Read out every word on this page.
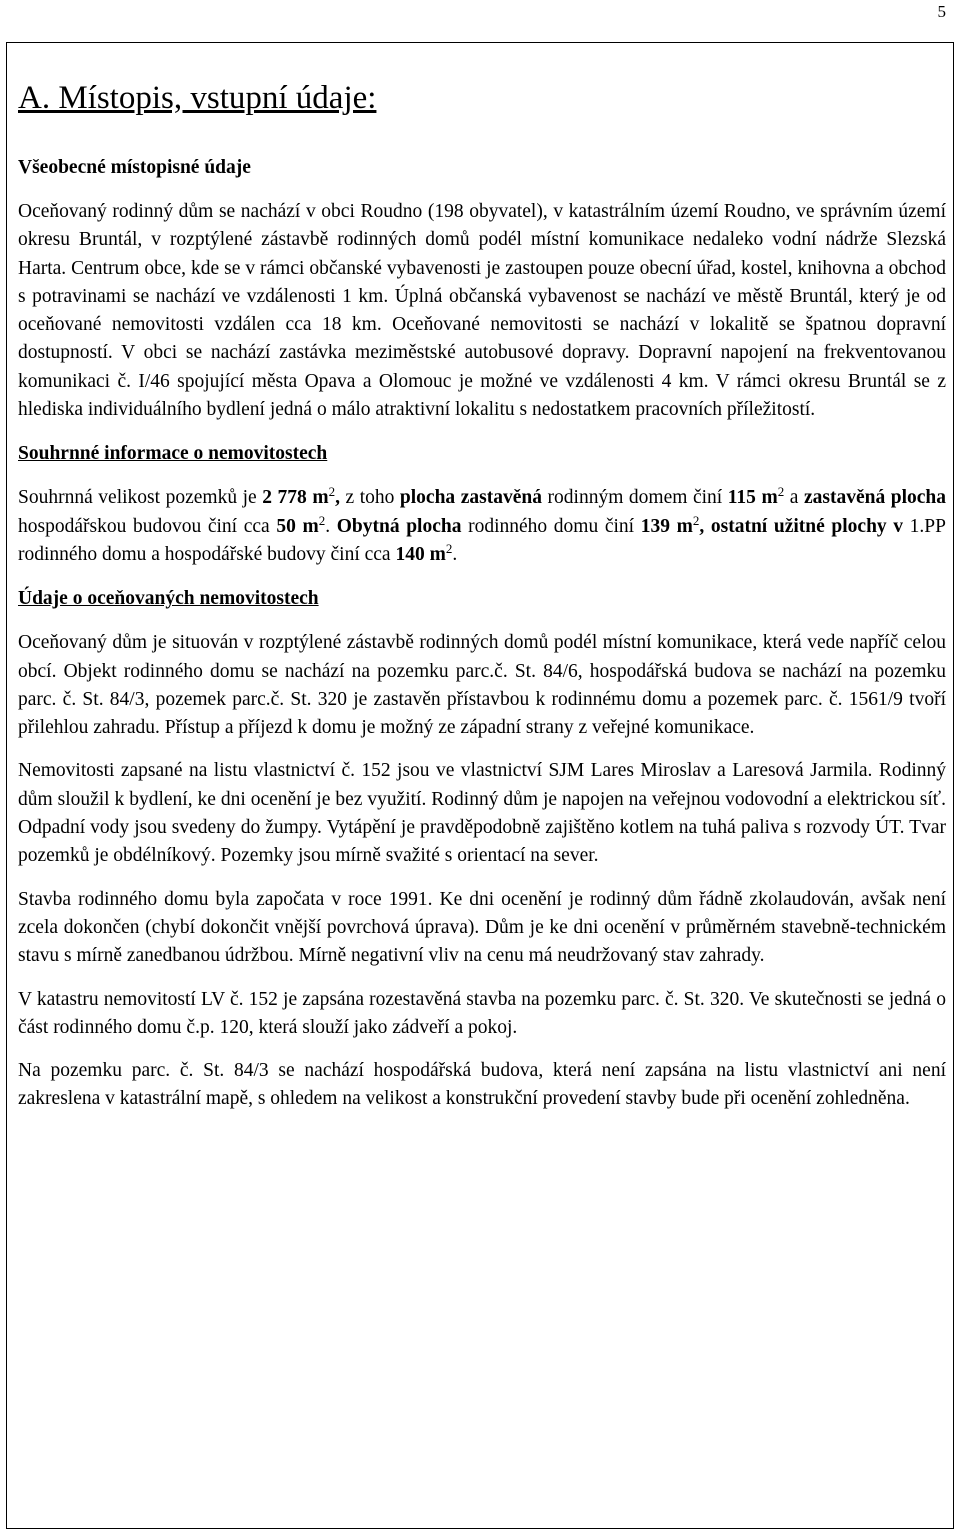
5
A. Místopis, vstupní údaje:
Všeobecné místopisné údaje

Oceňovaný rodinný dům se nachází v obci Roudno (198 obyvatel), v katastrálním území Roudno, ve správním území okresu Bruntál, v rozptýlené zástavbě rodinných domů podél místní komunikace nedaleko vodní nádrže Slezská Harta. Centrum obce, kde se v rámci občanské vybavenosti je zastoupen pouze obecní úřad, kostel, knihovna a obchod s potravinami se nachází ve vzdálenosti 1 km. Úplná občanská vybavenost se nachází ve městě Bruntál, který je od oceňované nemovitosti vzdálen cca 18 km. Oceňované nemovitosti se nachází v lokalitě se špatnou dopravní dostupností. V obci se nachází zastávka meziměstské autobusové dopravy. Dopravní napojení na frekventovanou komunikaci č. I/46 spojující města Opava a Olomouc je možné ve vzdálenosti 4 km. V rámci okresu Bruntál se z hlediska individuálního bydlení jedná o málo atraktivní lokalitu s nedostatkem pracovních příležitostí.

Souhrnné informace o nemovitostech

Souhrnná velikost pozemků je 2 778 $m^2$, z toho plocha zastavěná rodinným domem činí 115 $m^2$ a zastavěná plocha hospodářskou budovou činí cca 50 $m^2$. Obytná plocha rodinného domu činí 139 $m^2$, ostatní užitné plochy v 1.PP rodinného domu a hospodářské budovy činí cca 140 $m^2$.

Údaje o oceňovaných nemovitostech

Oceňovaný dům je situován v rozptýlené zástavbě rodinných domů podél místní komunikace, která vede napříč celou obcí. Objekt rodinného domu se nachází na pozemku parc.č. St. 84/6, hospodářská budova se nachází na pozemku parc. č. St. 84/3, pozemek parc.č. St. 320 je zastavěn přístavbou k rodinnému domu a pozemek parc. č. 1561/9 tvoří přilehlou zahradu. Přístup a příjezd k domu je možný ze západní strany z veřejné komunikace.

Nemovitosti zapsané na listu vlastnictví č. 152 jsou ve vlastnictví SJM Lares Miroslav a Laresová Jarmila. Rodinný dům sloužil k bydlení, ke dni ocenění je bez využití. Rodinný dům je napojen na veřejnou vodovodní a elektrickou síť. Odpadní vody jsou svedeny do žumpy. Vytápění je pravděpodobně zajištěno kotlem na tuhá paliva s rozvody ÚT. Tvar pozemků je obdélníkový. Pozemky jsou mírně svažité s orientací na sever.

Stavba rodinného domu byla započata v roce 1991. Ke dni ocenění je rodinný dům řádně zkolaudován, avšak není zcela dokončen (chybí dokončit vnější povrchová úprava). Dům je ke dni ocenění v průměrném stavebně-technickém stavu s mírně zanedbanou údržbou. Mírně negativní vliv na cenu má neudržovaný stav zahrady.

V katastru nemovitostí LV č. 152 je zapsána rozestavěná stavba na pozemku parc. č. St. 320. Ve skutečnosti se jedná o část rodinného domu č.p. 120, která slouží jako zádveří a pokoj.

Na pozemku parc. č. St. 84/3 se nachází hospodářská budova, která není zapsána na listu vlastnictví ani není zakreslena v katastrální mapě, s ohledem na velikost a konstrukční provedení stavby bude při ocenění zohledněna.
